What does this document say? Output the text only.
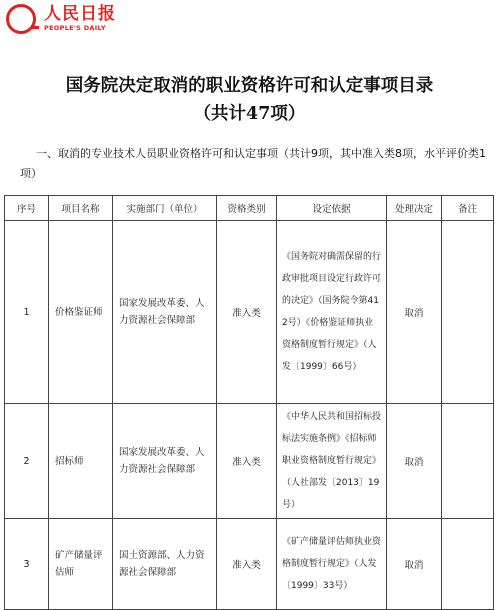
人民日报
PEOPLE'S DAILY
国务院决定取消的职业资格许可和认定事项目录
（共计47项）
一、取消的专业技术人员职业资格许可和认定事项（共计9项，其中准入类8项，水平评价类1项）
序号	项目名称	实施部门（单位）	资格类别	设定依据	处理决定	备注
1	价格鉴证师	国家发展改革委、人力资源社会保障部	准入类	《国务院对确需保留的行政审批项目设定行政许可的决定》（国务院令第412号）《价格鉴证师执业资格制度暂行规定》（人发〔1999〕66号）	取消	
2	招标师	国家发展改革委、人力资源社会保障部	准入类	《中华人民共和国招标投标法实施条例》《招标师职业资格制度暂行规定》（人社部发〔2013〕19号）	取消	
3	矿产储量评估师	国土资源部、人力资源社会保障部	准入类	《矿产储量评估师执业资格制度暂行规定》（人发〔1999〕33号）	取消	
